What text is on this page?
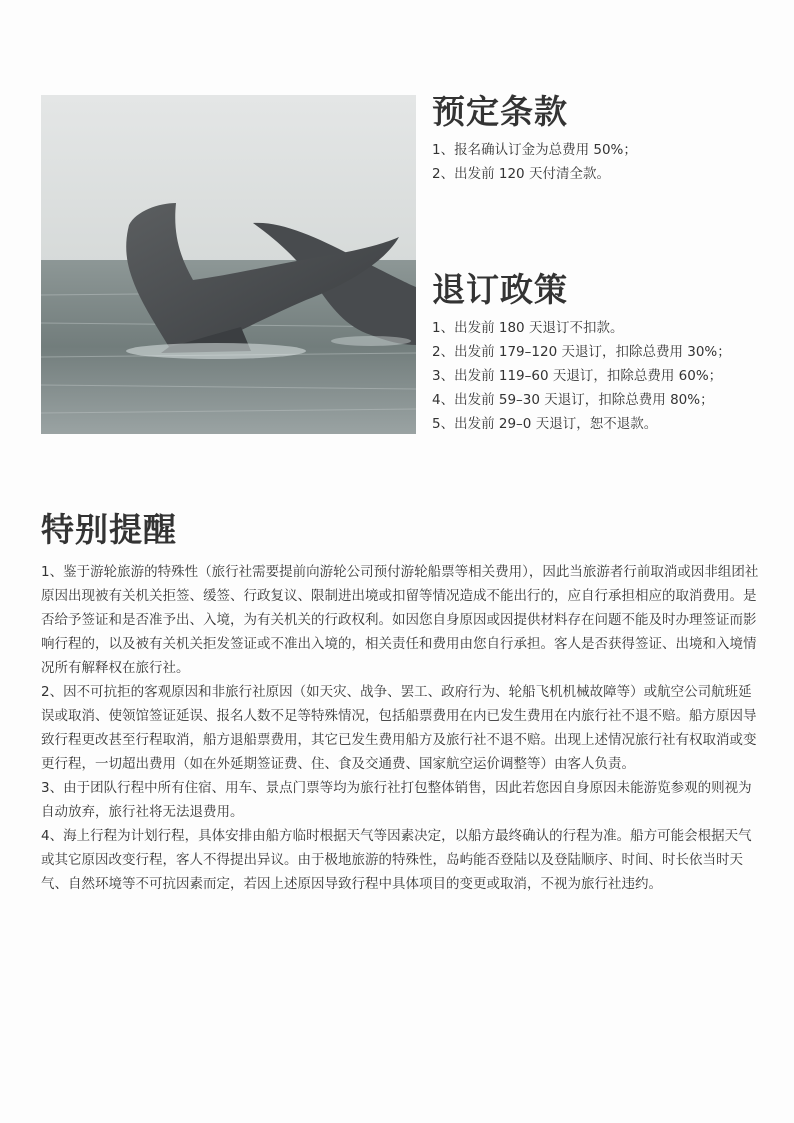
预定条款
1、报名确认订金为总费用 50%；
2、出发前 120 天付清全款。
退订政策
1、出发前 180 天退订不扣款。
2、出发前 179–120 天退订，扣除总费用 30%；
3、出发前 119–60 天退订，扣除总费用 60%；
4、出发前 59–30 天退订，扣除总费用 80%；
5、出发前 29–0 天退订，恕不退款。
特别提醒

1、鉴于游轮旅游的特殊性（旅行社需要提前向游轮公司预付游轮船票等相关费用），因此当旅游者行前取消或因非组团社原因出现被有关机关拒签、缓签、行政复议、限制进出境或扣留等情况造成不能出行的，应自行承担相应的取消费用。是否给予签证和是否准予出、入境，为有关机关的行政权利。如因您自身原因或因提供材料存在问题不能及时办理签证而影响行程的，以及被有关机关拒发签证或不准出入境的，相关责任和费用由您自行承担。客人是否获得签证、出境和入境情况所有解释权在旅行社。

2、因不可抗拒的客观原因和非旅行社原因（如天灾、战争、罢工、政府行为、轮船飞机机械故障等）或航空公司航班延误或取消、使领馆签证延误、报名人数不足等特殊情况，包括船票费用在内已发生费用在内旅行社不退不赔。船方原因导致行程更改甚至行程取消，船方退船票费用，其它已发生费用船方及旅行社不退不赔。出现上述情况旅行社有权取消或变更行程，一切超出费用（如在外延期签证费、住、食及交通费、国家航空运价调整等）由客人负责。

3、由于团队行程中所有住宿、用车、景点门票等均为旅行社打包整体销售，因此若您因自身原因未能游览参观的则视为自动放弃，旅行社将无法退费用。

4、海上行程为计划行程，具体安排由船方临时根据天气等因素决定，以船方最终确认的行程为准。船方可能会根据天气或其它原因改变行程，客人不得提出异议。由于极地旅游的特殊性，岛屿能否登陆以及登陆顺序、时间、时长依当时天气、自然环境等不可抗因素而定，若因上述原因导致行程中具体项目的变更或取消，不视为旅行社违约。
